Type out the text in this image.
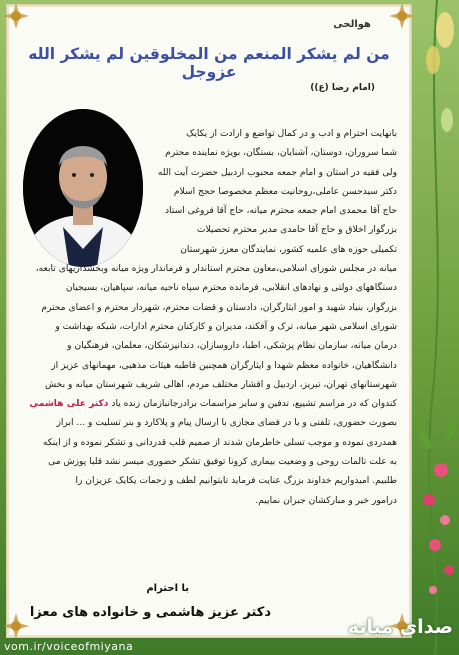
هوالحی
من لم یشکر المنعم من المخلوقین لم یشکر الله عزوجل
(امام رضا (ع))
بانهایت احترام و ادب و در کمال تواضع و ارادت از یکایک
شما سروران، دوستان، آشنایان، بستگان، بویژه نماینده محترم
ولی فقیه در استان و امام جمعه محبوب اردبیل حضرت آیت الله
دکتر سیدحسن عاملی،روحانیت معظم مخصوصا حجج اسلام
حاج آقا محمدی امام جمعه محترم میانه، حاج آقا فروغی استاد
بزرگوار اخلاق و حاج آقا حامدی مدیر محترم تحصیلات
تکمیلی حوزه های علمیه کشور، نمایندگان معزز شهرستان
میانه در مجلس شورای اسلامی،معاون محترم استاندار و فرماندار ویژه میانه وبخشداریهای تابعه،
دستگاههای دولتی و نهادهای انقلابی، فرمانده محترم سپاه ناحیه میانه، سپاهیان، بسیجیان
بزرگوار، بنیاد شهید و امور ایثارگران، دادستان و قضات محترم، شهردار محترم و اعضای محترم
شورای اسلامی شهر میانه، ترک و آفکند، مدیران و کارکنان محترم ادارات، شبکه بهداشت و
درمان میانه، سازمان نظام پزشکی، اطبا، داروسازان، دندانپزشکان، معلمان، فرهنگیان و
دانشگاهیان، خانواده معظم شهدا و ایثارگران همچنین قاطبه هیئات مذهبی، مهمانهای عزیز از
شهرستانهای تهران، تبریز، اردبیل و اقشار مختلف مردم، اهالی شریف شهرستان میانه و بخش
کندوان که در مراسم تشییع، تدفین و سایر مراسمات برادرجانبازمان زنده یاد دکتر علی هاشمی
بصورت حضوری، تلفنی و یا در فضای مجازی با ارسال پیام و پلاکارد و بنر تسلیت و ... ابراز
همدردی نموده و موجب تسلی خاطرمان شدند از صمیم قلب قدردانی و تشکر نموده و از اینکه
به علت تالمات روحی و وضعیت بیماری کرونا توفیق تشکر حضوری میسر نشد قلبا پوزش می
طلبیم. امیدواریم خداوند بزرگ عنایت فرماید تابتوانیم لطف و زحمات یکایک عزیزان را
درامور خیر و مبارکشان جبران نماییم.
با احترام
دکتر عزیز هاشمی و خانواده های معزا
vom.ir/voiceofmiyana
صدای میانه
